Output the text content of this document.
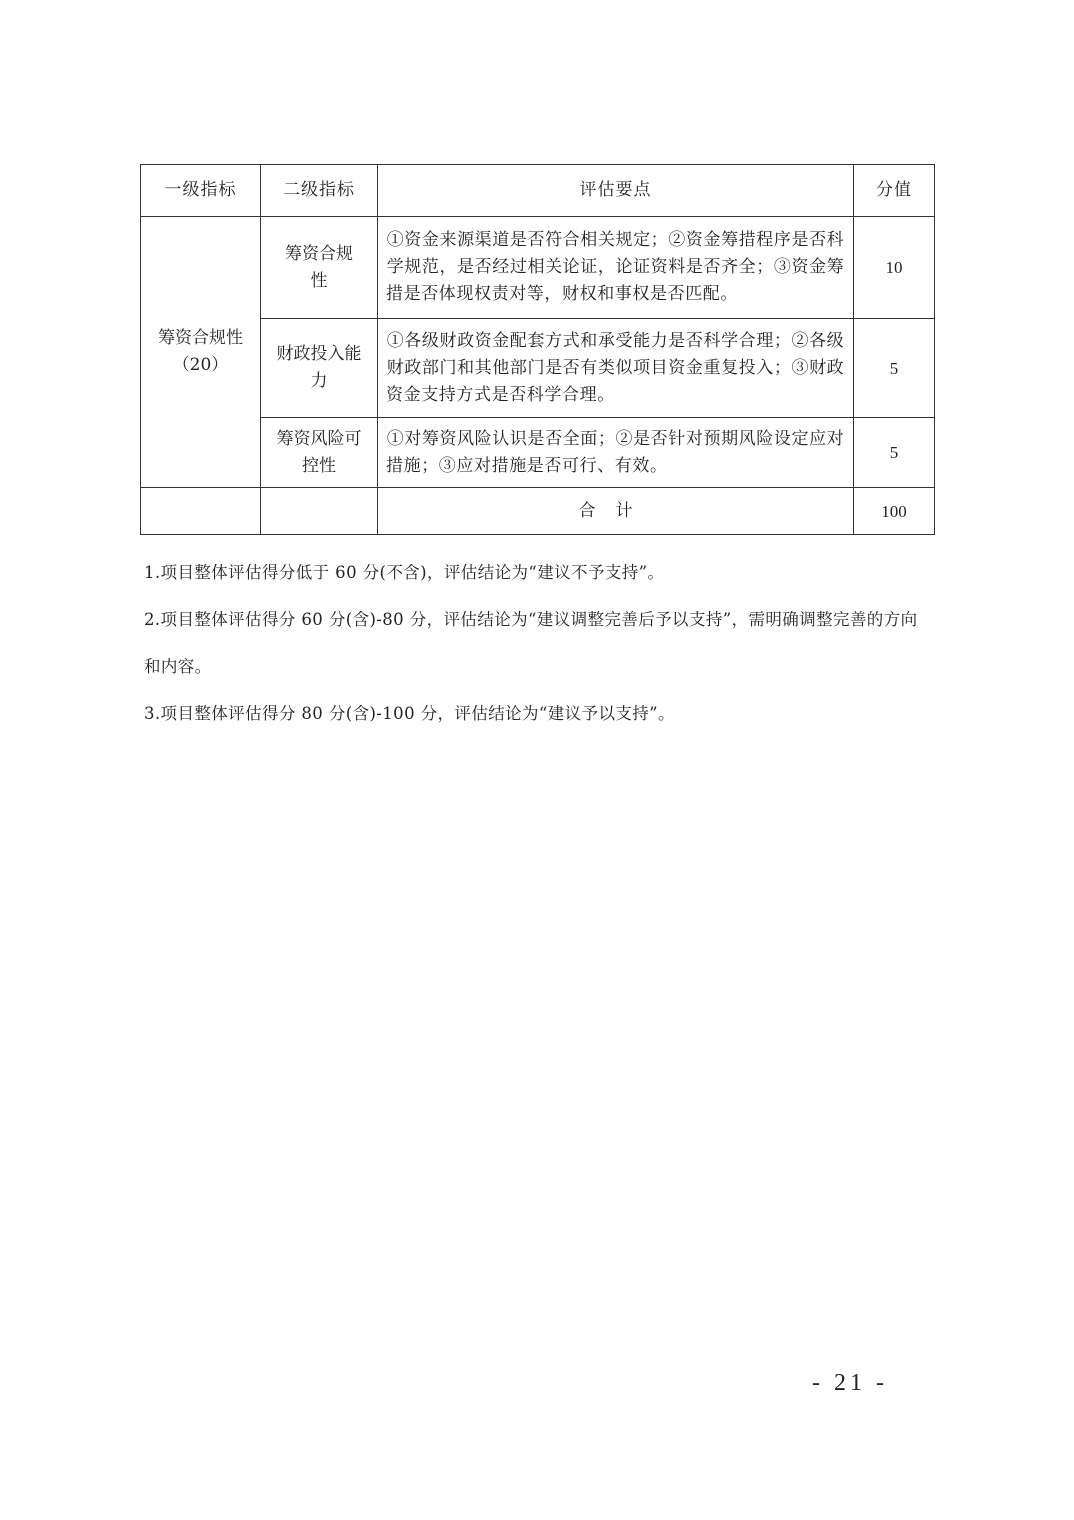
一级指标	二级指标	评估要点	分值

筹资合规性
（20）	筹资合规性	①资金来源渠道是否符合相关规定；②资金筹措程序是否科学规范，是否经过相关论证，论证资料是否齐全；③资金筹措是否体现权责对等，财权和事权是否匹配。	10
	财政投入能力	①各级财政资金配套方式和承受能力是否科学合理；②各级财政部门和其他部门是否有类似项目资金重复投入；③财政资金支持方式是否科学合理。	5
	筹资风险可控性	①对筹资风险认识是否全面；②是否针对预期风险设定应对措施；③应对措施是否可行、有效。	5
		合计	100

1.项目整体评估得分低于 60 分(不含)，评估结论为“建议不予支持”。

2.项目整体评估得分 60 分(含)-80 分，评估结论为“建议调整完善后予以支持”，需明确调整完善的方向和内容。

3.项目整体评估得分 80 分(含)-100 分，评估结论为“建议予以支持”。

- 21 -
